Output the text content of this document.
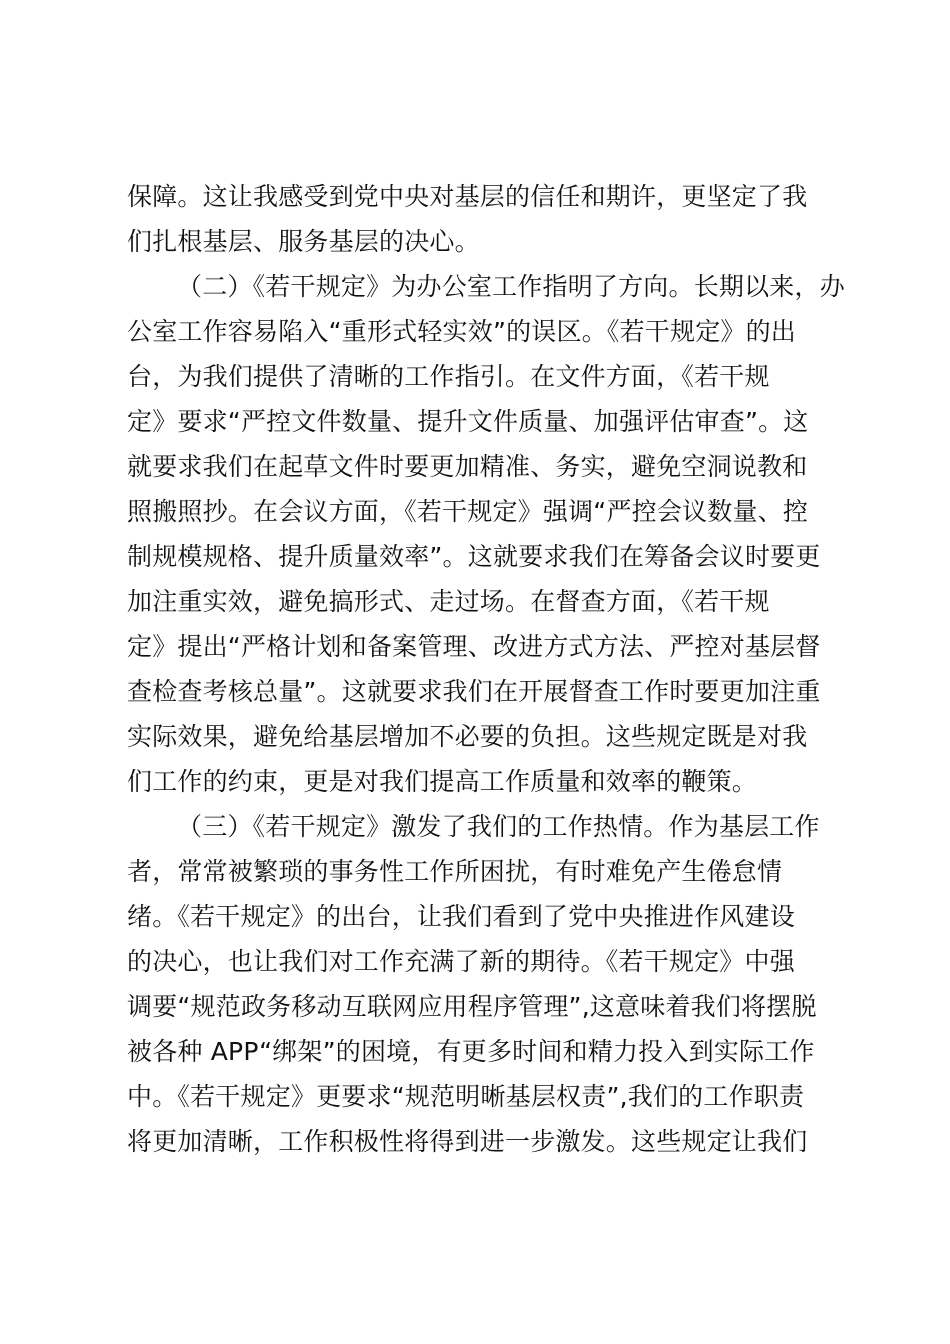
保障。这让我感受到党中央对基层的信任和期许，更坚定了我
们扎根基层、服务基层的决心。
（二）《若干规定》为办公室工作指明了方向。长期以来，办
公室工作容易陷入“重形式轻实效”的误区。《若干规定》的出
台，为我们提供了清晰的工作指引。在文件方面，《若干规
定》要求“严控文件数量、提升文件质量、加强评估审查”。这
就要求我们在起草文件时要更加精准、务实，避免空洞说教和
照搬照抄。在会议方面，《若干规定》强调“严控会议数量、控
制规模规格、提升质量效率”。这就要求我们在筹备会议时要更
加注重实效，避免搞形式、走过场。在督查方面，《若干规
定》提出“严格计划和备案管理、改进方式方法、严控对基层督
查检查考核总量”。这就要求我们在开展督查工作时要更加注重
实际效果，避免给基层增加不必要的负担。这些规定既是对我
们工作的约束，更是对我们提高工作质量和效率的鞭策。
（三）《若干规定》激发了我们的工作热情。作为基层工作
者，常常被繁琐的事务性工作所困扰，有时难免产生倦怠情
绪。《若干规定》的出台，让我们看到了党中央推进作风建设
的决心，也让我们对工作充满了新的期待。《若干规定》中强
调要“规范政务移动互联网应用程序管理”,这意味着我们将摆脱
被各种 APP“绑架”的困境，有更多时间和精力投入到实际工作
中。《若干规定》更要求“规范明晰基层权责”,我们的工作职责
将更加清晰，工作积极性将得到进一步激发。这些规定让我们
